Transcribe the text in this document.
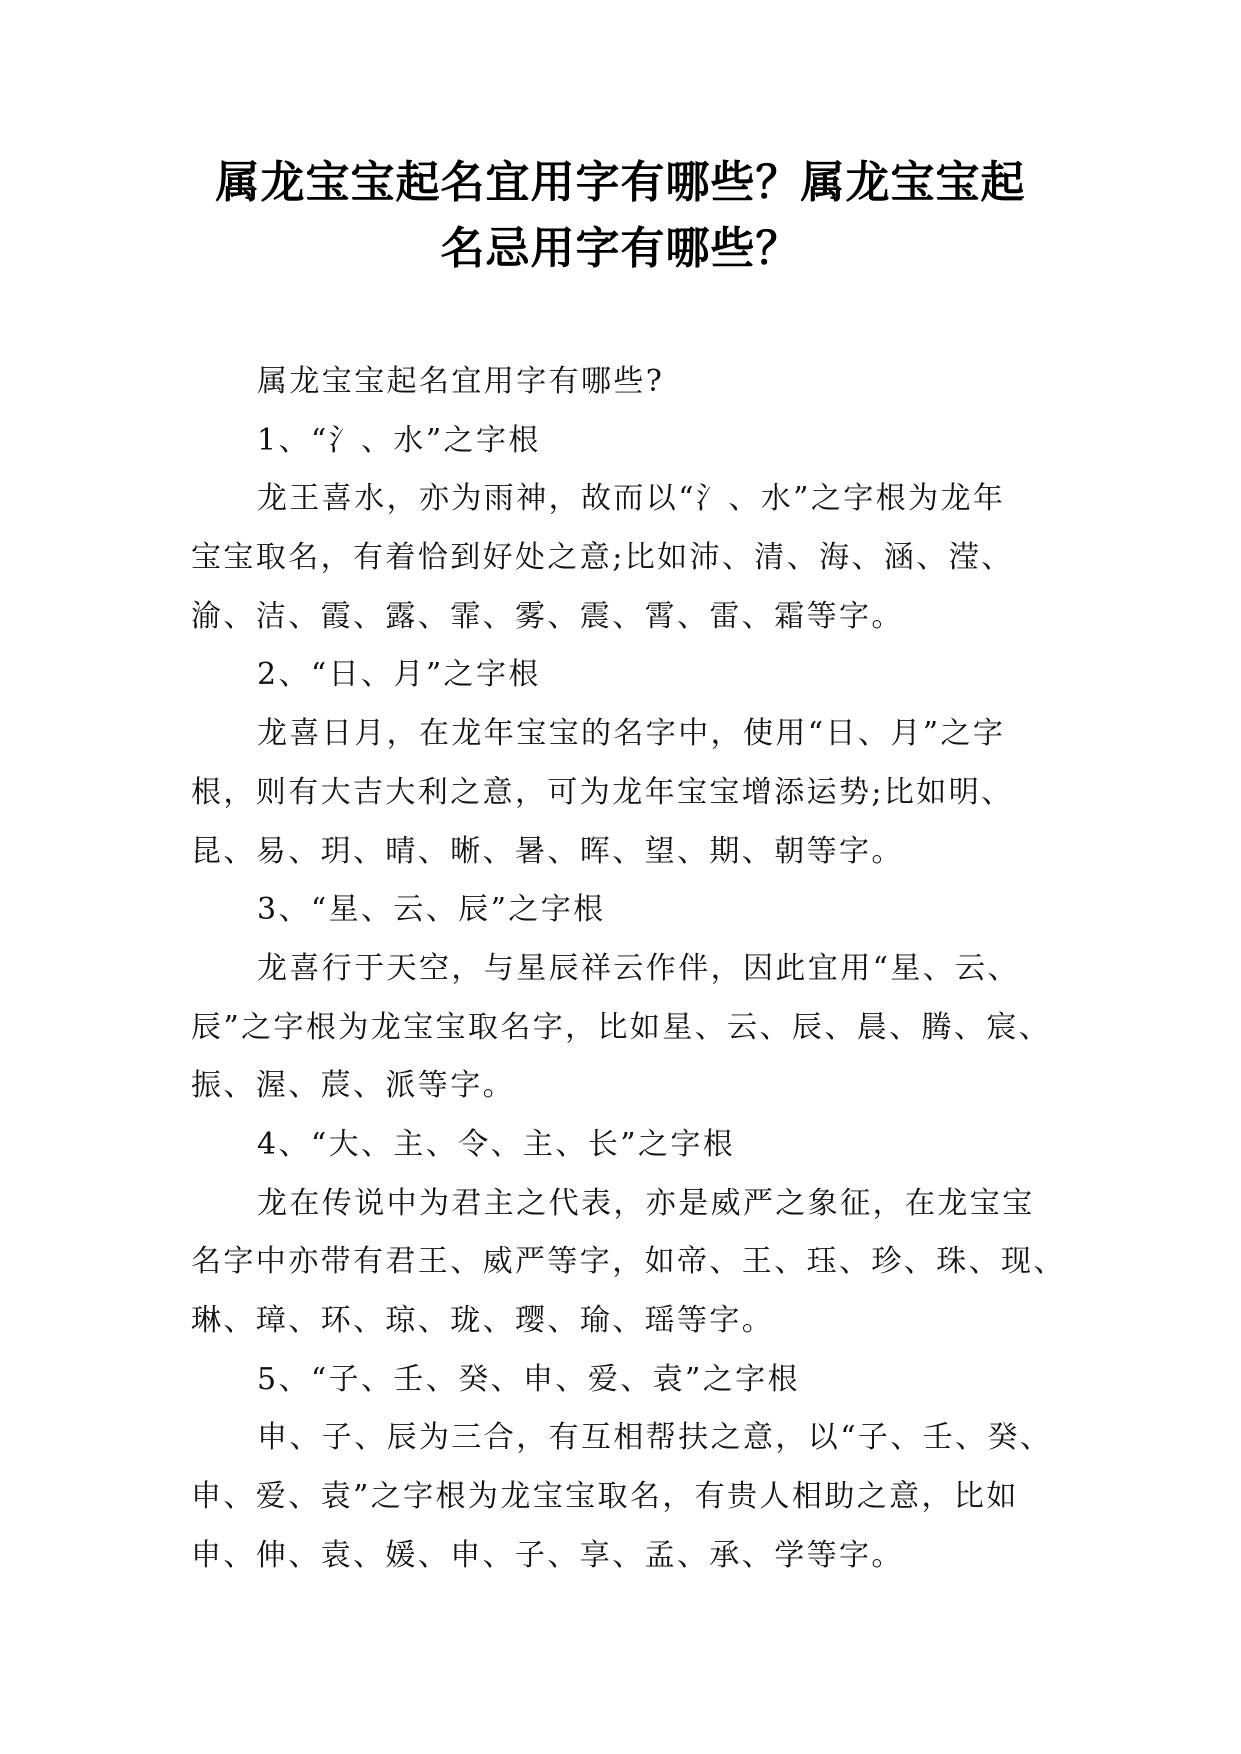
属龙宝宝起名宜用字有哪些？属龙宝宝起
名忌用字有哪些？
属龙宝宝起名宜用字有哪些?
1、“氵、水”之字根
龙王喜水，亦为雨神，故而以“氵、水”之字根为龙年
宝宝取名，有着恰到好处之意;比如沛、清、海、涵、滢、
渝、洁、霞、露、霏、雾、震、霄、雷、霜等字。
2、“日、月”之字根
龙喜日月，在龙年宝宝的名字中，使用“日、月”之字
根，则有大吉大利之意，可为龙年宝宝增添运势;比如明、
昆、易、玥、晴、晰、暑、晖、望、期、朝等字。
3、“星、云、辰”之字根
龙喜行于天空，与星辰祥云作伴，因此宜用“星、云、
辰”之字根为龙宝宝取名字，比如星、云、辰、晨、腾、宸、
振、渥、莀、派等字。
4、“大、主、令、主、长”之字根
龙在传说中为君主之代表，亦是威严之象征，在龙宝宝
名字中亦带有君王、威严等字，如帝、王、珏、珍、珠、现、
琳、璋、环、琼、珑、璎、瑜、瑶等字。
5、“子、壬、癸、申、爱、袁”之字根
申、子、辰为三合，有互相帮扶之意，以“子、壬、癸、
申、爱、袁”之字根为龙宝宝取名，有贵人相助之意，比如
申、伸、袁、媛、申、子、享、孟、承、学等字。
